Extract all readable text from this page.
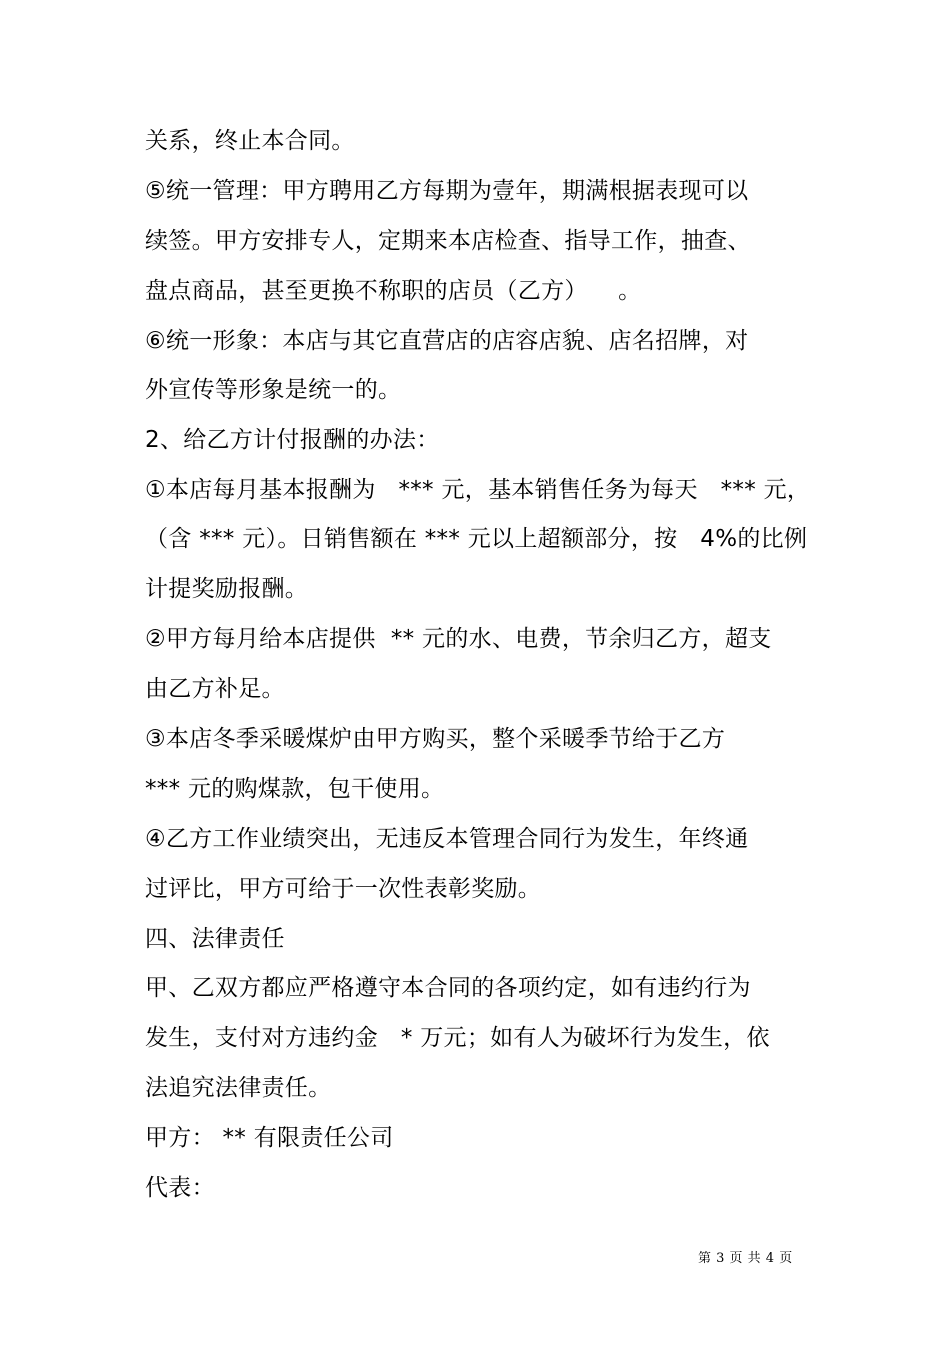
关系，终止本合同。
⑤统一管理：甲方聘用乙方每期为壹年，期满根据表现可以
续签。甲方安排专人，定期来本店检查、指导工作，抽查、
盘点商品，甚至更换不称职的店员（乙方）    。
⑥统一形象：本店与其它直营店的店容店貌、店名招牌，对
外宣传等形象是统一的。
2、给乙方计付报酬的办法：
①本店每月基本报酬为   *** 元，基本销售任务为每天   *** 元，
（含 *** 元）。日销售额在 *** 元以上超额部分，按   4%的比例
计提奖励报酬。
②甲方每月给本店提供  ** 元的水、电费，节余归乙方，超支
由乙方补足。
③本店冬季采暖煤炉由甲方购买，整个采暖季节给于乙方
*** 元的购煤款，包干使用。
④乙方工作业绩突出，无违反本管理合同行为发生，年终通
过评比，甲方可给于一次性表彰奖励。
四、法律责任
甲、乙双方都应严格遵守本合同的各项约定，如有违约行为
发生，支付对方违约金   * 万元；如有人为破坏行为发生，依
法追究法律责任。
甲方： ** 有限责任公司
代表：
第 3 页 共 4 页
